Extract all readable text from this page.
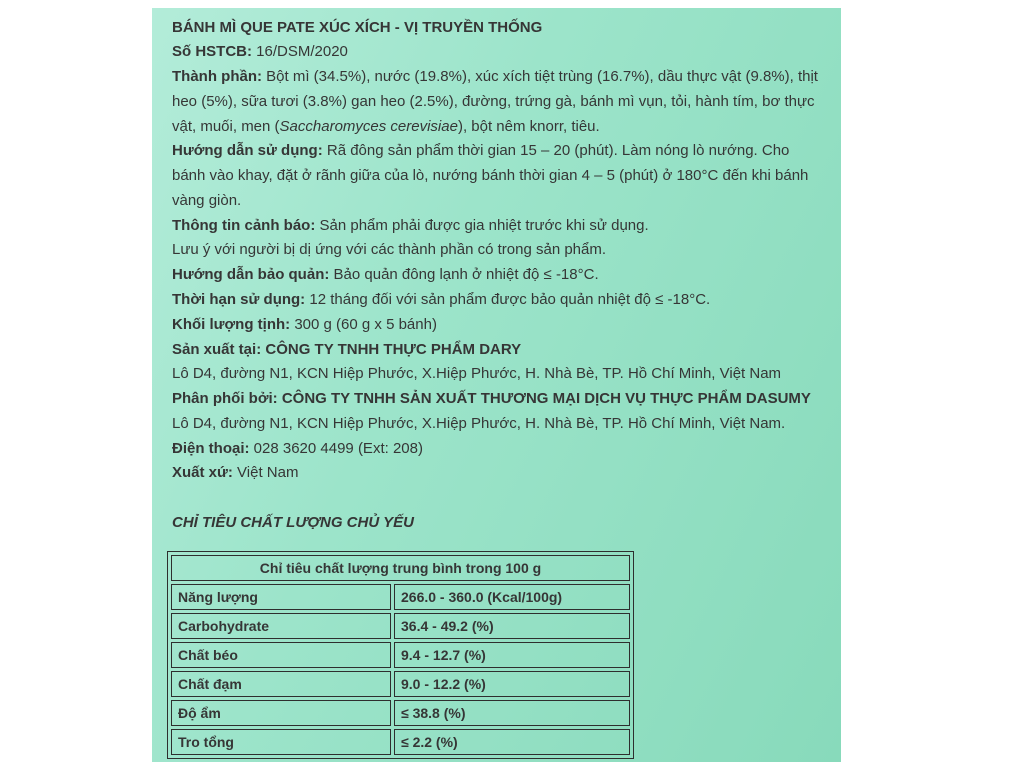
BÁNH MÌ QUE PATE XÚC XÍCH - VỊ TRUYỀN THỐNG
Số HSTCB: 16/DSM/2020
Thành phần: Bột mì (34.5%), nước (19.8%), xúc xích tiệt trùng (16.7%), dầu thực vật (9.8%), thịt
heo (5%), sữa tươi (3.8%) gan heo (2.5%), đường, trứng gà, bánh mì vụn, tỏi, hành tím, bơ thực
vật, muối, men (Saccharomyces cerevisiae), bột nêm knorr, tiêu.
Hướng dẫn sử dụng: Rã đông sản phẩm thời gian 15 – 20 (phút). Làm nóng lò nướng. Cho
bánh vào khay, đặt ở rãnh giữa của lò, nướng bánh thời gian 4 – 5 (phút) ở 180°C đến khi bánh
vàng giòn.
Thông tin cảnh báo: Sản phẩm phải được gia nhiệt trước khi sử dụng.
Lưu ý với người bị dị ứng với các thành phần có trong sản phẩm.
Hướng dẫn bảo quản: Bảo quản đông lạnh ở nhiệt độ ≤ -18°C.
Thời hạn sử dụng: 12 tháng đối với sản phẩm được bảo quản nhiệt độ ≤ -18°C.
Khối lượng tịnh: 300 g (60 g x 5 bánh)
Sản xuất tại: CÔNG TY TNHH THỰC PHẨM DARY
Lô D4, đường N1, KCN Hiệp Phước, X.Hiệp Phước, H. Nhà Bè, TP. Hồ Chí Minh, Việt Nam
Phân phối bởi: CÔNG TY TNHH SẢN XUẤT THƯƠNG MẠI DỊCH VỤ THỰC PHẨM DASUMY
Lô D4, đường N1, KCN Hiệp Phước, X.Hiệp Phước, H. Nhà Bè, TP. Hồ Chí Minh, Việt Nam.
Điện thoại: 028 3620 4499 (Ext: 208)
Xuất xứ: Việt Nam
CHỈ TIÊU CHẤT LƯỢNG CHỦ YẾU
Chỉ tiêu chất lượng trung bình trong 100 g
Năng lượng	266.0 - 360.0 (Kcal/100g)
Carbohydrate	36.4 - 49.2 (%)
Chất béo	9.4 - 12.7 (%)
Chất đạm	9.0 - 12.2 (%)
Độ ẩm	≤ 38.8 (%)
Tro tổng	≤ 2.2 (%)
